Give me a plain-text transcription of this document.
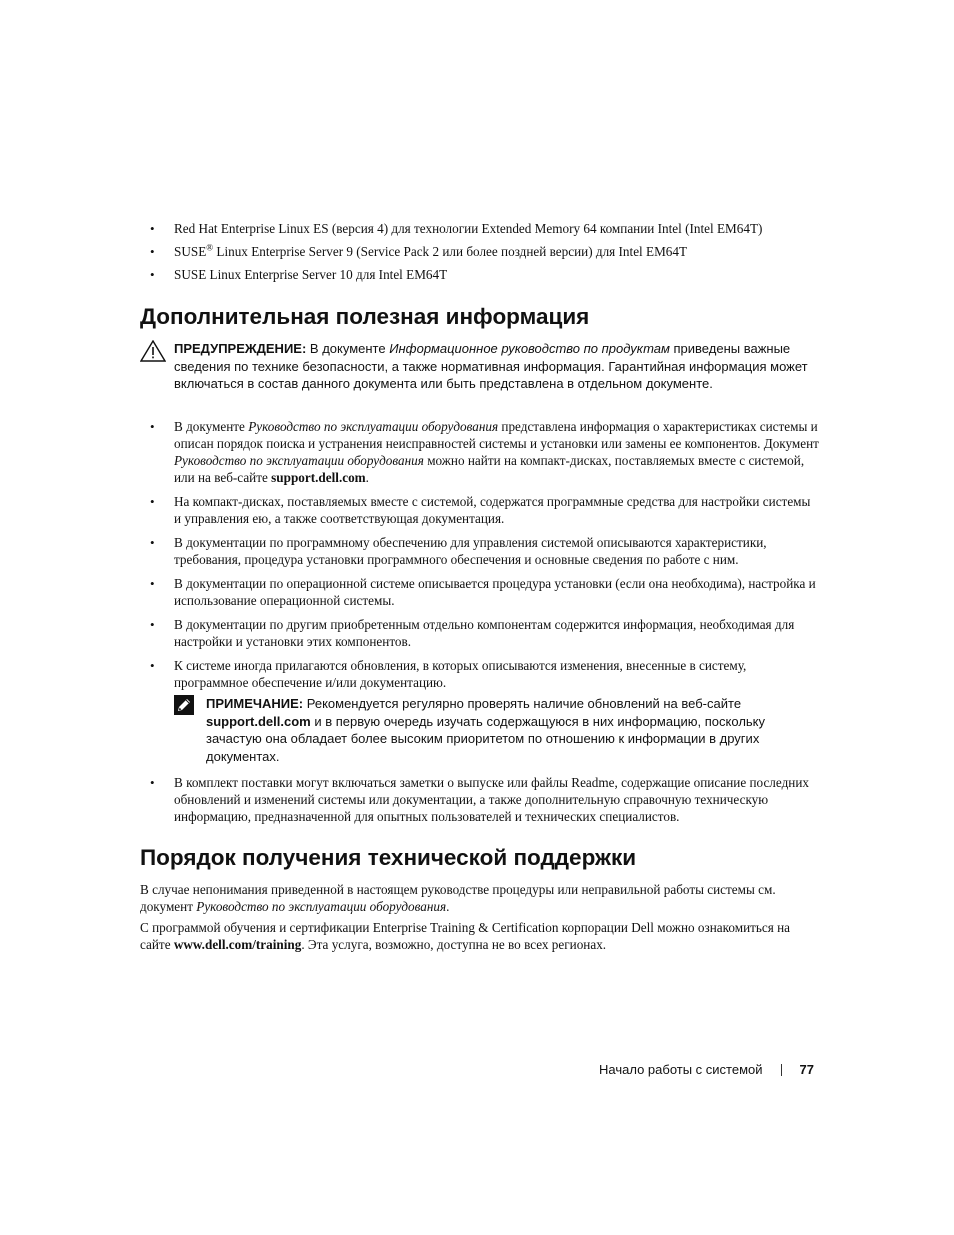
• Red Hat Enterprise Linux ES (версия 4) для технологии Extended Memory 64 компании Intel (Intel EM64T)
• SUSE® Linux Enterprise Server 9 (Service Pack 2 или более поздней версии) для Intel EM64T
• SUSE Linux Enterprise Server 10 для Intel EM64T
Дополнительная полезная информация
ПРЕДУПРЕЖДЕНИЕ: В документе Информационное руководство по продуктам приведены важные сведения по технике безопасности, а также нормативная информация. Гарантийная информация может включаться в состав данного документа или быть представлена в отдельном документе.
• В документе Руководство по эксплуатации оборудования представлена информация о характеристиках системы и описан порядок поиска и устранения неисправностей системы и установки или замены ее компонентов. Документ Руководство по эксплуатации оборудования можно найти на компакт-дисках, поставляемых вместе с системой, или на веб-сайте support.dell.com.
• На компакт-дисках, поставляемых вместе с системой, содержатся программные средства для настройки системы и управления ею, а также соответствующая документация.
• В документации по программному обеспечению для управления системой описываются характеристики, требования, процедура установки программного обеспечения и основные сведения по работе с ним.
• В документации по операционной системе описывается процедура установки (если она необходима), настройка и использование операционной системы.
• В документации по другим приобретенным отдельно компонентам содержится информация, необходимая для настройки и установки этих компонентов.
• К системе иногда прилагаются обновления, в которых описываются изменения, внесенные в систему, программное обеспечение и/или документацию.
ПРИМЕЧАНИЕ: Рекомендуется регулярно проверять наличие обновлений на веб-сайте support.dell.com и в первую очередь изучать содержащуюся в них информацию, поскольку зачастую она обладает более высоким приоритетом по отношению к информации в других документах.
• В комплект поставки могут включаться заметки о выпуске или файлы Readme, содержащие описание последних обновлений и изменений системы или документации, а также дополнительную справочную техническую информацию, предназначенной для опытных пользователей и технических специалистов.
Порядок получения технической поддержки

В случае непонимания приведенной в настоящем руководстве процедуры или неправильной работы системы см. документ Руководство по эксплуатации оборудования.

С программой обучения и сертификации Enterprise Training & Certification корпорации Dell можно ознакомиться на сайте www.dell.com/training. Эта услуга, возможно, доступна не во всех регионах.

Начало работы с системой	77
